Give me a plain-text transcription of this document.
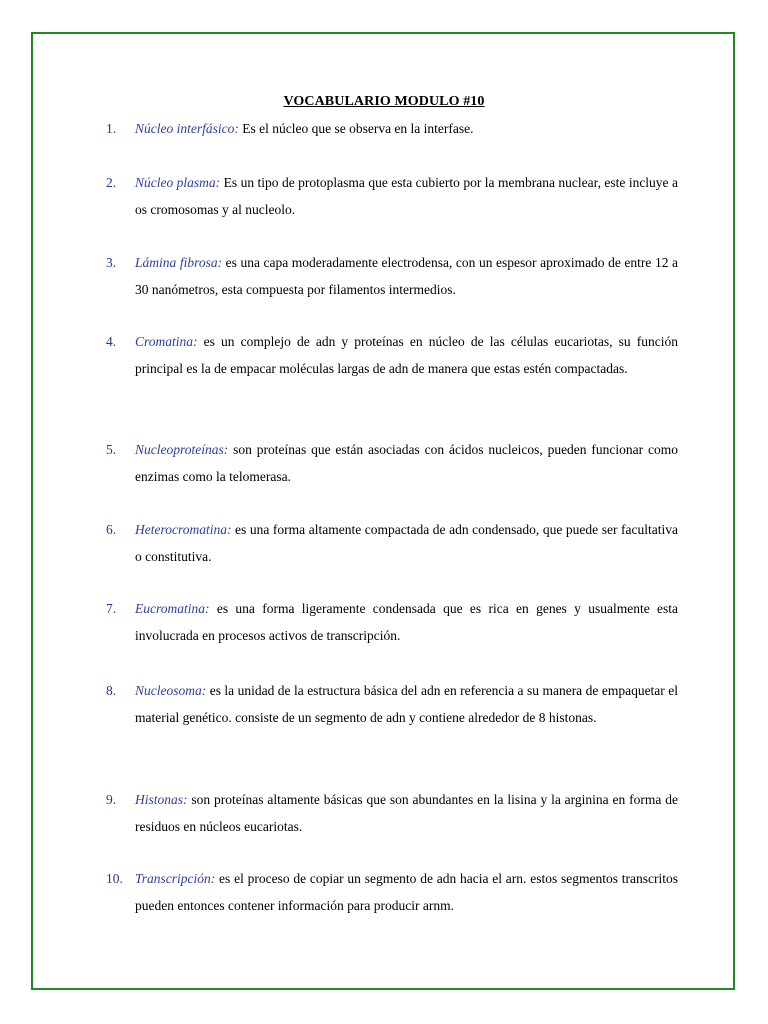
VOCABULARIO MODULO #10
1.	Núcleo interfásico: Es el núcleo que se observa en la interfase.
2.	Núcleo plasma: Es un tipo de protoplasma que esta cubierto por la membrana nuclear, este incluye a os cromosomas y al nucleolo.
3.	Lámina fibrosa: es una capa moderadamente electrodensa, con un espesor aproximado de entre 12 a 30 nanómetros, esta compuesta por filamentos intermedios.
4.	Cromatina: es un complejo de adn y proteínas en núcleo de las células eucariotas, su función principal es la de empacar moléculas largas de adn de manera que estas estén compactadas.
5.	Nucleoproteínas: son proteínas que están asociadas con ácidos nucleicos, pueden funcionar como enzimas como la telomerasa.
6.	Heterocromatina: es una forma altamente compactada de adn condensado, que puede ser facultativa o constitutiva.
7.	Eucromatina: es una forma ligeramente condensada que es rica en genes y usualmente esta involucrada en procesos activos de transcripción.
8.	Nucleosoma: es la unidad de la estructura básica del adn en referencia a su manera de empaquetar el material genético. consiste de un segmento de adn y contiene alrededor de 8 histonas.
9.	Histonas: son proteínas altamente básicas que son abundantes en la lisina y la arginina en forma de residuos en núcleos eucariotas.
10. Transcripción: es el proceso de copiar un segmento de adn hacia el arn. estos segmentos transcritos pueden entonces contener información para producir arnm.
